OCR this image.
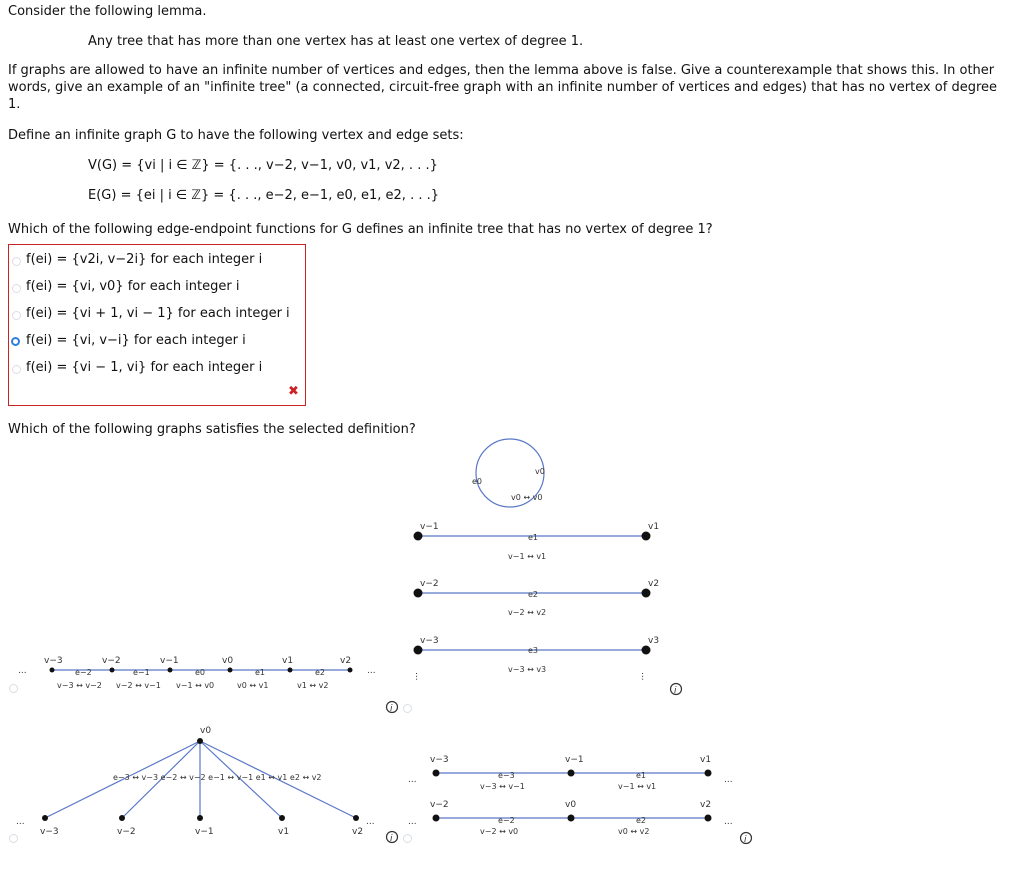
Consider the following lemma.
Any tree that has more than one vertex has at least one vertex of degree 1.
If graphs are allowed to have an infinite number of vertices and edges, then the lemma above is false. Give a counterexample that shows this. In other words, give an example of an "infinite tree" (a connected, circuit-free graph with an infinite number of vertices and edges) that has no vertex of degree 1.
Define an infinite graph G to have the following vertex and edge sets:
V(G) = {vi | i ∈ ℤ} = {. . ., v−2, v−1, v0, v1, v2, . . .}
E(G) = {ei | i ∈ ℤ} = {. . ., e−2, e−1, e0, e1, e2, . . .}
Which of the following edge-endpoint functions for G defines an infinite tree that has no vertex of degree 1?
f(ei) = {v2i, v−2i} for each integer i
f(ei) = {vi, v0} for each integer i
f(ei) = {vi + 1, vi − 1} for each integer i
f(ei) = {vi, v−i} for each integer i
f(ei) = {vi − 1, vi} for each integer i
✖
Which of the following graphs satisfies the selected definition?
v−3	v−2	v−1	v0	v1	v2
e−2	e−1	e0	e1	e2
v−3 ↔ v−2 v−2 ↔ v−1 v−1 ↔ v0	v0 ↔ v1	v1 ↔ v2
...	...
e0
v0
v0 ↔ v0
v−1	v1
e1
v−1 ↔ v1
v−2	v2
e2
v−2 ↔ v2
v−3	v3
e3
v−3 ↔ v3
...	...
v0
e−3 ↔ v−3 e−2 ↔ v−2 e−1 ↔ v−1 e1 ↔ v1 e2 ↔ v2
v−3	v−2	v−1	v1	v2
...	...
v−3	v−1	v1
e−3	e1
v−3 ↔ v−1	v−1 ↔ v1
v−2	v0	v2
e−2	e2
v−2 ↔ v0	v0 ↔ v2
...	...
...	...
i
i
i	i
